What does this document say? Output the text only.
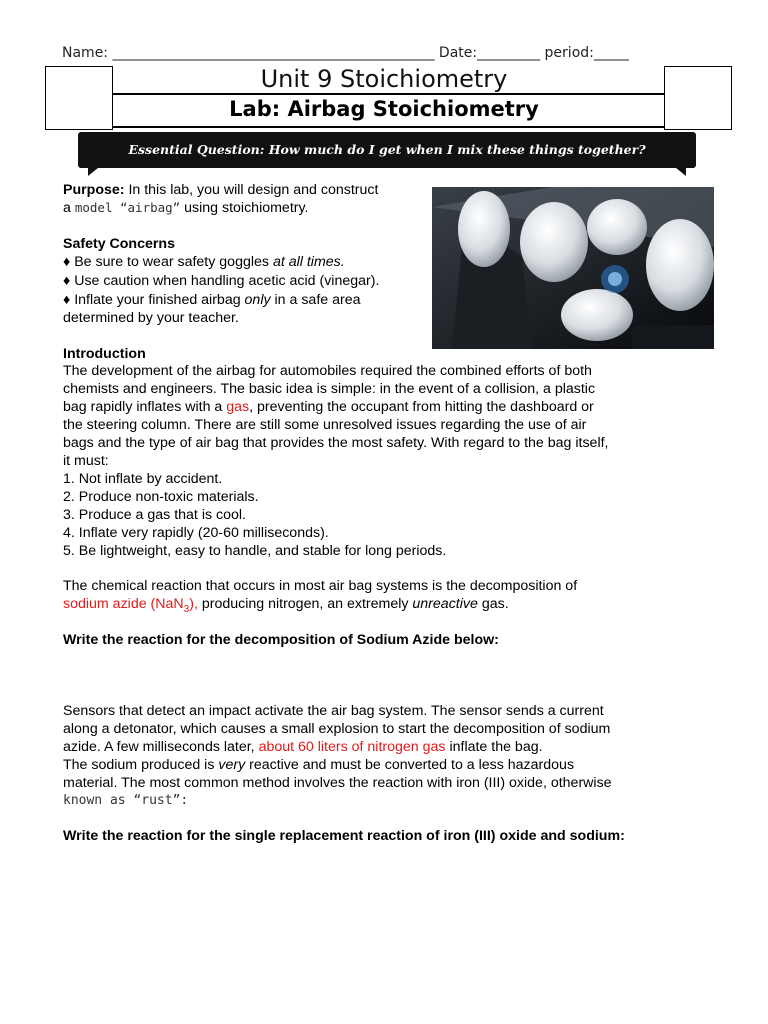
Name: ______________________________________________ Date:_________ period:_____
Unit 9 Stoichiometry
Lab: Airbag Stoichiometry
Essential Question: How much do I get when I mix these things together?
Purpose: In this lab, you will design and construct
a model “airbag” using stoichiometry.
Safety Concerns
♦ Be sure to wear safety goggles at all times.
♦ Use caution when handling acetic acid (vinegar).
♦ Inflate your finished airbag only in a safe area
determined by your teacher.
Introduction
The development of the airbag for automobiles required the combined efforts of both
chemists and engineers. The basic idea is simple: in the event of a collision, a plastic
bag rapidly inflates with a gas, preventing the occupant from hitting the dashboard or
the steering column. There are still some unresolved issues regarding the use of air
bags and the type of air bag that provides the most safety. With regard to the bag itself,
it must:
1. Not inflate by accident.
2. Produce non-toxic materials.
3. Produce a gas that is cool.
4. Inflate very rapidly (20-60 milliseconds).
5. Be lightweight, easy to handle, and stable for long periods.
The chemical reaction that occurs in most air bag systems is the decomposition of
sodium azide (NaN$_3$), producing nitrogen, an extremely unreactive gas.
Write the reaction for the decomposition of Sodium Azide below:
Sensors that detect an impact activate the air bag system. The sensor sends a current
along a detonator, which causes a small explosion to start the decomposition of sodium
azide. A few milliseconds later, about 60 liters of nitrogen gas inflate the bag.
The sodium produced is very reactive and must be converted to a less hazardous
material. The most common method involves the reaction with iron (III) oxide, otherwise
known as “rust”:
Write the reaction for the single replacement reaction of iron (III) oxide and sodium:
